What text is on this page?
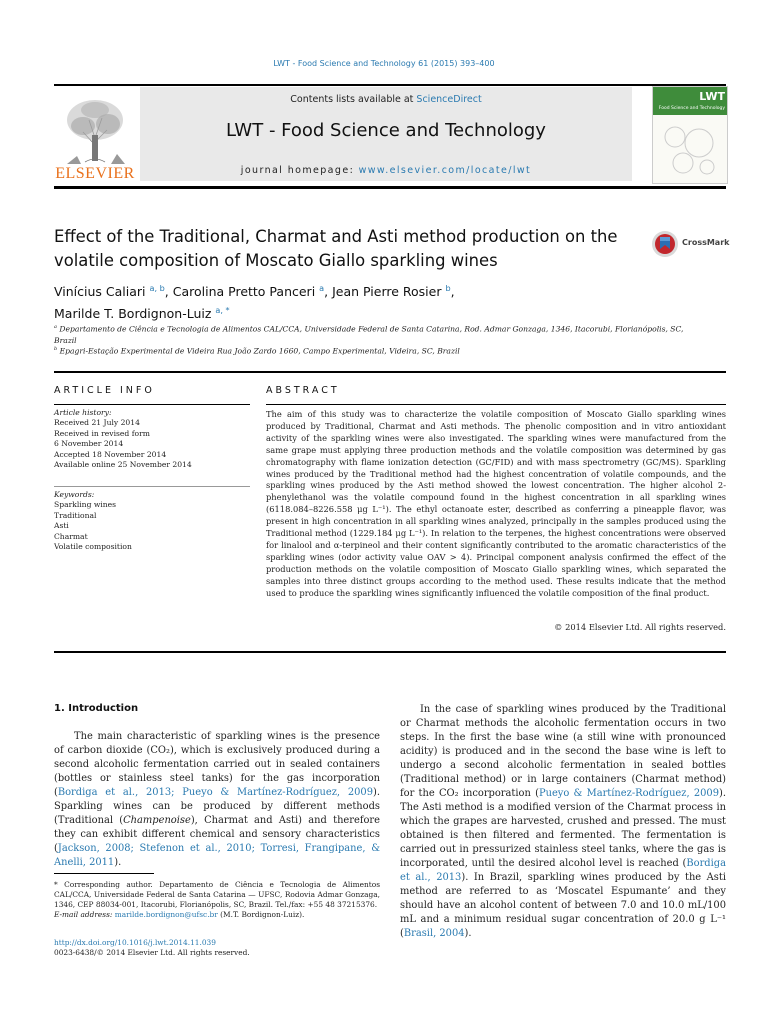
LWT - Food Science and Technology 61 (2015) 393–400
ELSEVIER
Contents lists available at ScienceDirect
LWT - Food Science and Technology
journal homepage: www.elsevier.com/locate/lwt
LWT
Food Science and Technology
Effect of the Traditional, Charmat and Asti method production on the volatile composition of Moscato Giallo sparkling wines
CrossMark
Vinícius Caliari $^{a, b}$, Carolina Pretto Panceri $^a$, Jean Pierre Rosier $^b$,
Marilde T. Bordignon-Luiz $^{a, *}$
$^a$ Departamento de Ciência e Tecnologia de Alimentos CAL/CCA, Universidade Federal de Santa Catarina, Rod. Admar Gonzaga, 1346, Itacorubi, Florianópolis, SC, Brazil
$^b$ Epagri-Estação Experimental de Videira Rua João Zardo 1660, Campo Experimental, Videira, SC, Brazil
ARTICLE INFO
Article history:
Received 21 July 2014
Received in revised form
6 November 2014
Accepted 18 November 2014
Available online 25 November 2014
Keywords:
Sparkling wines
Traditional
Asti
Charmat
Volatile composition
ABSTRACT
The aim of this study was to characterize the volatile composition of Moscato Giallo sparkling wines produced by Traditional, Charmat and Asti methods. The phenolic composition and in vitro antioxidant activity of the sparkling wines were also investigated. The sparkling wines were manufactured from the same grape must applying three production methods and the volatile composition was determined by gas chromatography with flame ionization detection (GC/FID) and with mass spectrometry (GC/MS). Sparkling wines produced by the Traditional method had the highest concentration of volatile compounds, and the sparkling wines produced by the Asti method showed the lowest concentration. The higher alcohol 2-phenylethanol was the volatile compound found in the highest concentration in all sparkling wines (6118.084–8226.558 μg L⁻¹). The ethyl octanoate ester, described as conferring a pineapple flavor, was present in high concentration in all sparkling wines analyzed, principally in the samples produced using the Traditional method (1229.184 μg L⁻¹). In relation to the terpenes, the highest concentrations were observed for linalool and α-terpineol and their content significantly contributed to the aromatic characteristics of the sparkling wines (odor activity value OAV > 4). Principal component analysis confirmed the effect of the production methods on the volatile composition of Moscato Giallo sparkling wines, which separated the samples into three distinct groups according to the method used. These results indicate that the method used to produce the sparkling wines significantly influenced the volatile composition of the final product.
© 2014 Elsevier Ltd. All rights reserved.
1. Introduction
The main characteristic of sparkling wines is the presence of carbon dioxide (CO₂), which is exclusively produced during a second alcoholic fermentation carried out in sealed containers (bottles or stainless steel tanks) for the gas incorporation (Bordiga et al., 2013; Pueyo & Martínez-Rodríguez, 2009). Sparkling wines can be produced by different methods (Traditional (Champenoise), Charmat and Asti) and therefore they can exhibit different chemical and sensory characteristics (Jackson, 2008; Stefenon et al., 2010; Torresi, Frangipane, & Anelli, 2011).
In the case of sparkling wines produced by the Traditional or Charmat methods the alcoholic fermentation occurs in two steps. In the first the base wine (a still wine with pronounced acidity) is produced and in the second the base wine is left to undergo a second alcoholic fermentation in sealed bottles (Traditional method) or in large containers (Charmat method) for the CO₂ incorporation (Pueyo & Martínez-Rodríguez, 2009). The Asti method is a modified version of the Charmat process in which the grapes are harvested, crushed and pressed. The must obtained is then filtered and fermented. The fermentation is carried out in pressurized stainless steel tanks, where the gas is incorporated, until the desired alcohol level is reached (Bordiga et al., 2013). In Brazil, sparkling wines produced by the Asti method are referred to as ‘Moscatel Espumante’ and they should have an alcohol content of between 7.0 and 10.0 mL/100 mL and a minimum residual sugar concentration of 20.0 g L⁻¹ (Brasil, 2004).
* Corresponding author. Departamento de Ciência e Tecnologia de Alimentos CAL/CCA, Universidade Federal de Santa Catarina — UFSC, Rodovia Admar Gonzaga, 1346, CEP 88034-001, Itacorubi, Florianópolis, SC, Brazil. Tel./fax: +55 48 37215376.
E-mail address: marilde.bordignon@ufsc.br (M.T. Bordignon-Luiz).
http://dx.doi.org/10.1016/j.lwt.2014.11.039
0023-6438/© 2014 Elsevier Ltd. All rights reserved.
